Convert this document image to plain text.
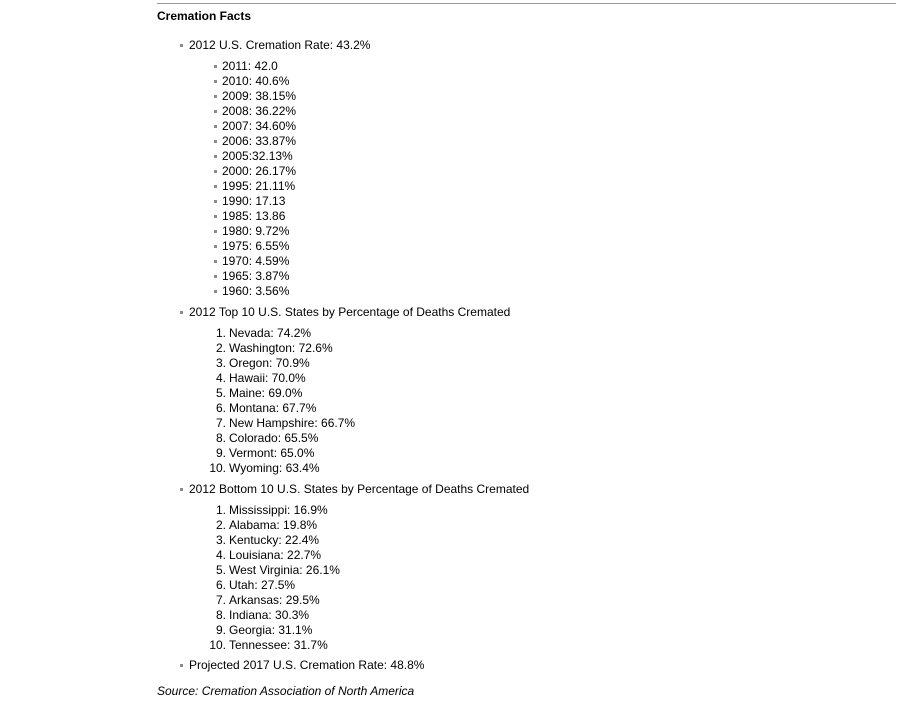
Cremation Facts
2012 U.S. Cremation Rate: 43.2%
2011: 42.0
2010: 40.6%
2009: 38.15%
2008: 36.22%
2007: 34.60%
2006: 33.87%
2005:32.13%
2000: 26.17%
1995: 21.11%
1990: 17.13
1985: 13.86
1980: 9.72%
1975: 6.55%
1970: 4.59%
1965: 3.87%
1960: 3.56%
2012 Top 10 U.S. States by Percentage of Deaths Cremated
1. Nevada: 74.2%
2. Washington: 72.6%
3. Oregon: 70.9%
4. Hawaii: 70.0%
5. Maine: 69.0%
6. Montana: 67.7%
7. New Hampshire: 66.7%
8. Colorado: 65.5%
9. Vermont: 65.0%
10. Wyoming: 63.4%
2012 Bottom 10 U.S. States by Percentage of Deaths Cremated
1. Mississippi: 16.9%
2. Alabama: 19.8%
3. Kentucky: 22.4%
4. Louisiana: 22.7%
5. West Virginia: 26.1%
6. Utah: 27.5%
7. Arkansas: 29.5%
8. Indiana: 30.3%
9. Georgia: 31.1%
10. Tennessee: 31.7%
Projected 2017 U.S. Cremation Rate: 48.8%
Source: Cremation Association of North America
